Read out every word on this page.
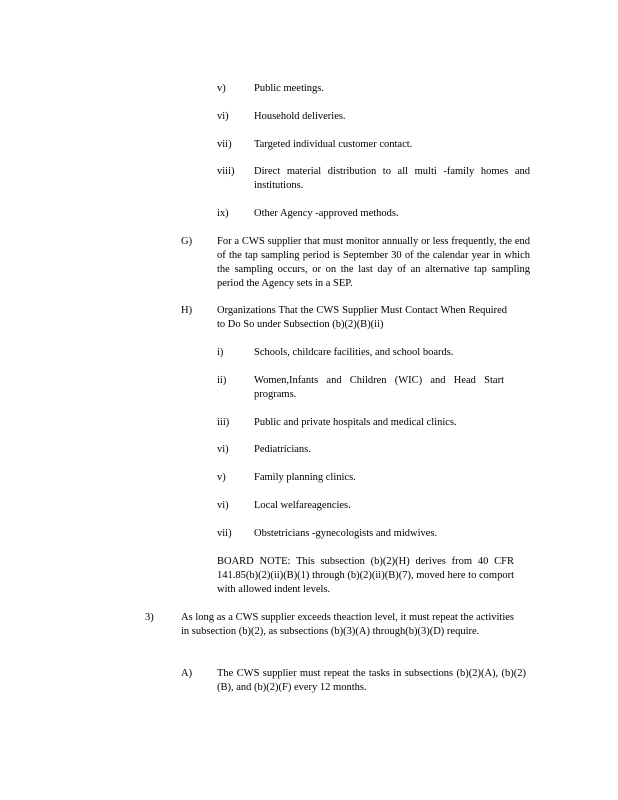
v)	Public meetings.
vi) Household deliveries.
vii) Targeted individual customer contact.
viii) Direct material distribution to all multi -family homes and institutions.
ix) Other Agency -approved methods.
G) For a CWS supplier that must monitor annually or less frequently, the end of the tap sampling period is September 30 of the calendar year in which the sampling occurs, or on the last day of an alternative tap sampling period the Agency sets in a SEP.
H) Organizations That the CWS Supplier Must Contact When Required to Do So under Subsection (b)(2)(B)(ii)
i)	Schools, childcare facilities, and school boards.
ii)	Women,Infants and Children (WIC) and Head Start programs.
iii) Public and private hospitals and medical clinics.
vi) Pediatricians.
v)	Family planning clinics.
vi) Local welfareagencies.
vii) Obstetricians -gynecologists and midwives.
BOARD NOTE: This subsection (b)(2)(H) derives from 40 CFR 141.85(b)(2)(ii)(B)(1) through (b)(2)(ii)(B)(7), moved here to comport with allowed indent levels.
3)	As long as a CWS supplier exceeds theaction level, it must repeat the activities in subsection (b)(2), as subsections (b)(3)(A) through(b)(3)(D) require.
A) The CWS supplier must repeat the tasks in subsections (b)(2)(A), (b)(2)(B), and (b)(2)(F) every 12 months.
